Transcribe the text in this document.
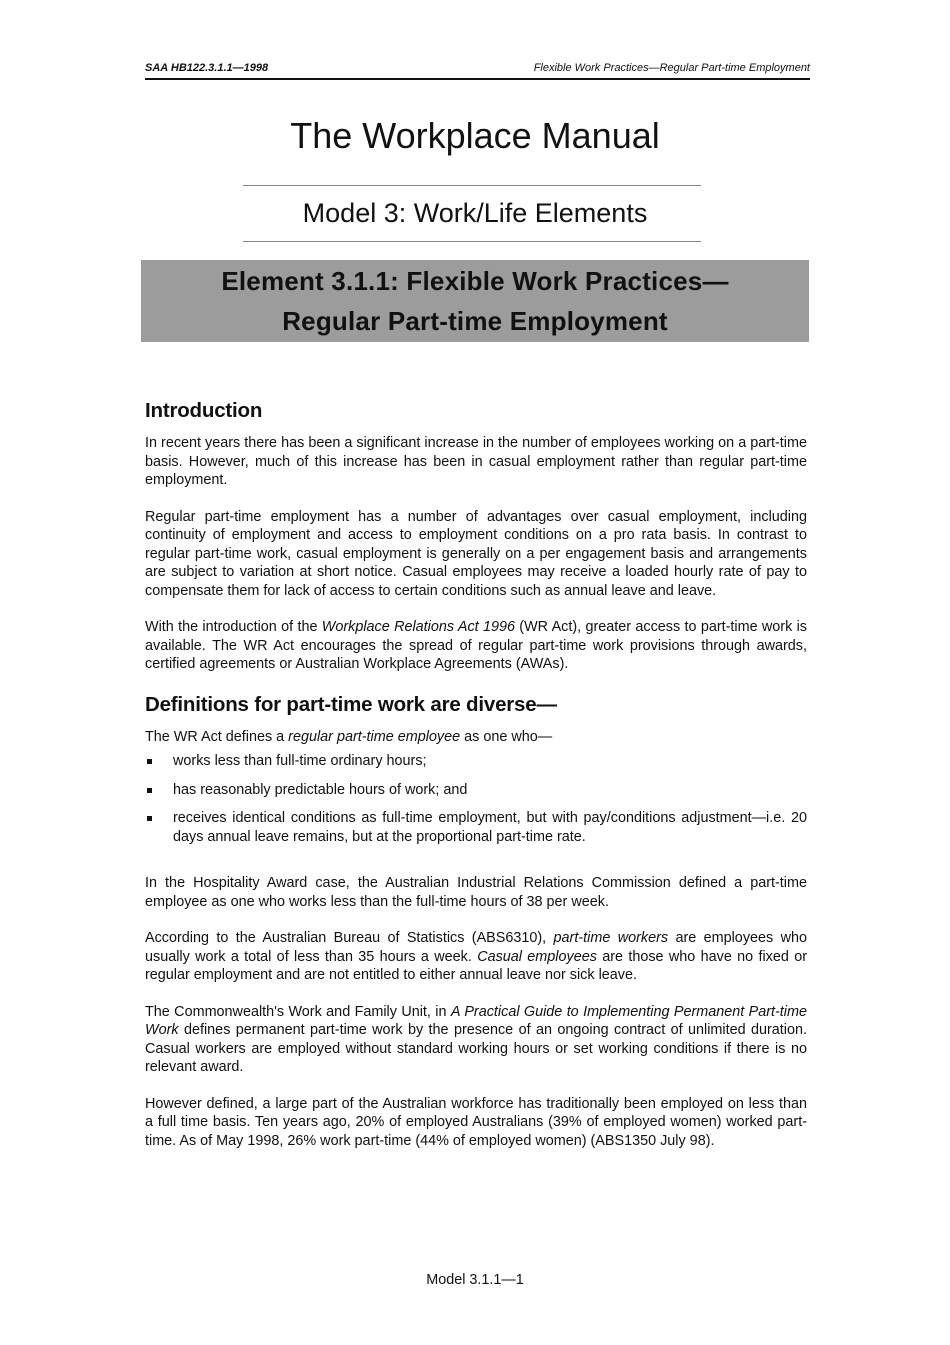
SAA HB122.3.1.1—1998	Flexible Work Practices—Regular Part-time Employment
The Workplace Manual
Model 3: Work/Life Elements
Element 3.1.1: Flexible Work Practices—
Regular Part-time Employment
Introduction

In recent years there has been a significant increase in the number of employees working on a part-time basis. However, much of this increase has been in casual employment rather than regular part-time employment.

Regular part-time employment has a number of advantages over casual employment, including continuity of employment and access to employment conditions on a pro rata basis. In contrast to regular part-time work, casual employment is generally on a per engagement basis and arrangements are subject to variation at short notice. Casual employees may receive a loaded hourly rate of pay to compensate them for lack of access to certain conditions such as annual leave and leave.

With the introduction of the Workplace Relations Act 1996 (WR Act), greater access to part-time work is available. The WR Act encourages the spread of regular part-time work provisions through awards, certified agreements or Australian Workplace Agreements (AWAs).

Definitions for part-time work are diverse—

The WR Act defines a regular part-time employee as one who—

works less than full-time ordinary hours;
has reasonably predictable hours of work; and
receives identical conditions as full-time employment, but with pay/conditions adjustment—i.e. 20 days annual leave remains, but at the proportional part-time rate.

In the Hospitality Award case, the Australian Industrial Relations Commission defined a part-time employee as one who works less than the full-time hours of 38 per week.

According to the Australian Bureau of Statistics (ABS6310), part-time workers are employees who usually work a total of less than 35 hours a week. Casual employees are those who have no fixed or regular employment and are not entitled to either annual leave nor sick leave.

The Commonwealth's Work and Family Unit, in A Practical Guide to Implementing Permanent Part-time Work defines permanent part-time work by the presence of an ongoing contract of unlimited duration. Casual workers are employed without standard working hours or set working conditions if there is no relevant award.

However defined, a large part of the Australian workforce has traditionally been employed on less than a full time basis. Ten years ago, 20% of employed Australians (39% of employed women) worked part-time. As of May 1998, 26% work part-time (44% of employed women) (ABS1350 July 98).

Model 3.1.1—1
